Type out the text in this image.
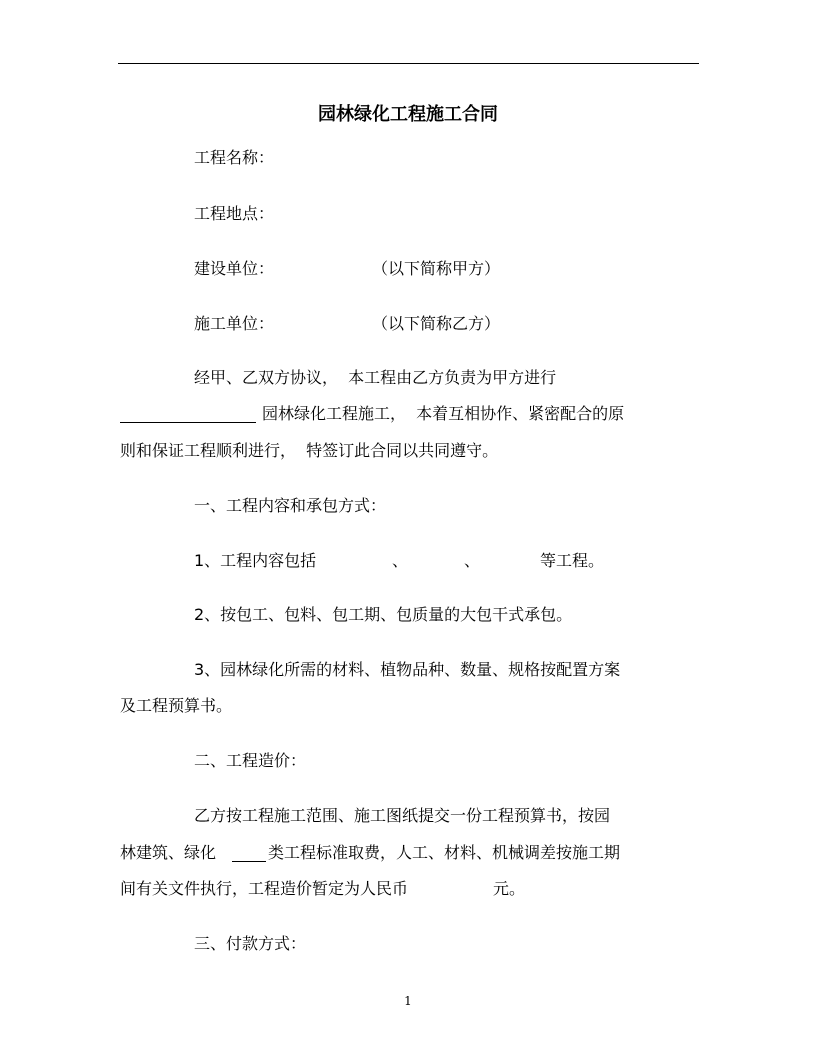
园林绿化工程施工合同
工程名称：
工程地点：
建设单位：	（以下简称甲方）
施工单位：	（以下简称乙方）
经甲、乙双方协议，  本工程由乙方负责为甲方进行
园林绿化工程施工，  本着互相协作、紧密配合的原
则和保证工程顺利进行，  特签订此合同以共同遵守。
一、工程内容和承包方式：
1、工程内容包括	、	、	等工程。
2、按包工、包料、包工期、包质量的大包干式承包。
3、园林绿化所需的材料、植物品种、数量、规格按配置方案
及工程预算书。
二、工程造价：
乙方按工程施工范围、施工图纸提交一份工程预算书，按园
林建筑、绿化	类工程标准取费，人工、材料、机械调差按施工期
间有关文件执行，工程造价暂定为人民币	元。
三、付款方式：
1
